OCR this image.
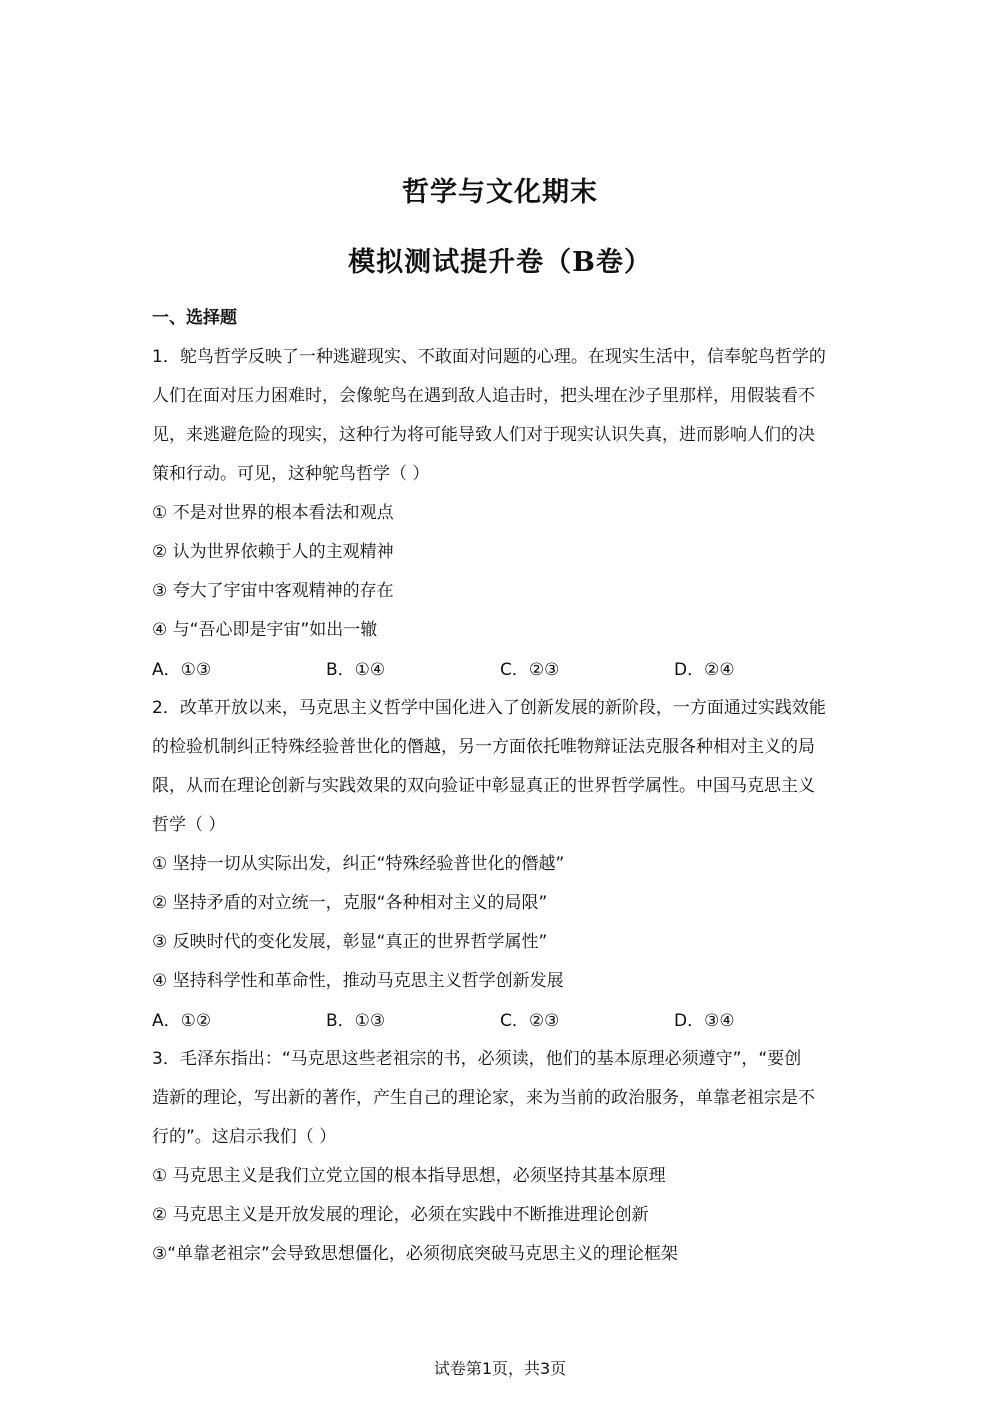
哲学与文化期末
模拟测试提升卷（B卷）
一、选择题
1．鸵鸟哲学反映了一种逃避现实、不敢面对问题的心理。在现实生活中，信奉鸵鸟哲学的
人们在面对压力困难时，会像鸵鸟在遇到敌人追击时，把头埋在沙子里那样，用假装看不
见，来逃避危险的现实，这种行为将可能导致人们对于现实认识失真，进而影响人们的决
策和行动。可见，这种鸵鸟哲学（ ）
① 不是对世界的根本看法和观点
② 认为世界依赖于人的主观精神
③ 夸大了宇宙中客观精神的存在
④ 与“吾心即是宇宙”如出一辙
A．①③	B．①④	C．②③	D．②④
2．改革开放以来，马克思主义哲学中国化进入了创新发展的新阶段，一方面通过实践效能
的检验机制纠正特殊经验普世化的僭越，另一方面依托唯物辩证法克服各种相对主义的局
限，从而在理论创新与实践效果的双向验证中彰显真正的世界哲学属性。中国马克思主义
哲学（ ）
① 坚持一切从实际出发，纠正“特殊经验普世化的僭越”
② 坚持矛盾的对立统一，克服“各种相对主义的局限”
③ 反映时代的变化发展，彰显“真正的世界哲学属性”
④ 坚持科学性和革命性，推动马克思主义哲学创新发展
A．①②	B．①③	C．②③	D．③④
3．毛泽东指出：“马克思这些老祖宗的书，必须读，他们的基本原理必须遵守”，“要创
造新的理论，写出新的著作，产生自己的理论家，来为当前的政治服务，单靠老祖宗是不
行的”。这启示我们（ ）
① 马克思主义是我们立党立国的根本指导思想，必须坚持其基本原理
② 马克思主义是开放发展的理论，必须在实践中不断推进理论创新
③“单靠老祖宗”会导致思想僵化，必须彻底突破马克思主义的理论框架
试卷第1页，共3页
